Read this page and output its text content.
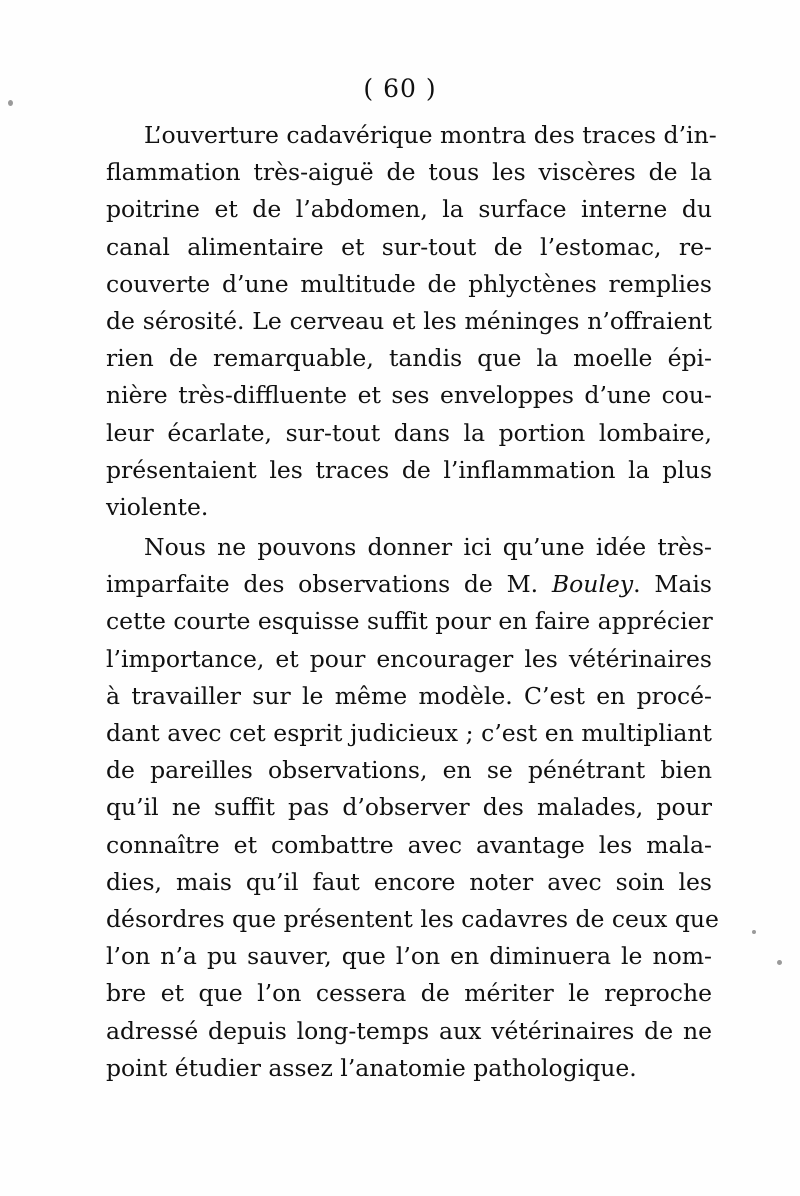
( 60 )
L’ouverture cadavérique montra des traces d’in-
flammation très-aiguë de tous les viscères de la
poitrine et de l’abdomen, la surface interne du
canal alimentaire et sur-tout de l’estomac, re-
couverte d’une multitude de phlyctènes remplies
de sérosité. Le cerveau et les méninges n’offraient
rien de remarquable, tandis que la moelle épi-
nière très-diffluente et ses enveloppes d’une cou-
leur écarlate, sur-tout dans la portion lombaire,
présentaient les traces de l’inflammation la plus
violente.
Nous ne pouvons donner ici qu’une idée très-
imparfaite des observations de M. Bouley. Mais
cette courte esquisse suffit pour en faire apprécier
l’importance, et pour encourager les vétérinaires
à travailler sur le même modèle. C’est en procé-
dant avec cet esprit judicieux ; c’est en multipliant
de pareilles observations, en se pénétrant bien
qu’il ne suffit pas d’observer des malades, pour
connaître et combattre avec avantage les mala-
dies, mais qu’il faut encore noter avec soin les
désordres que présentent les cadavres de ceux que
l’on n’a pu sauver, que l’on en diminuera le nom-
bre et que l’on cessera de mériter le reproche
adressé depuis long-temps aux vétérinaires de ne
point étudier assez l’anatomie pathologique.
